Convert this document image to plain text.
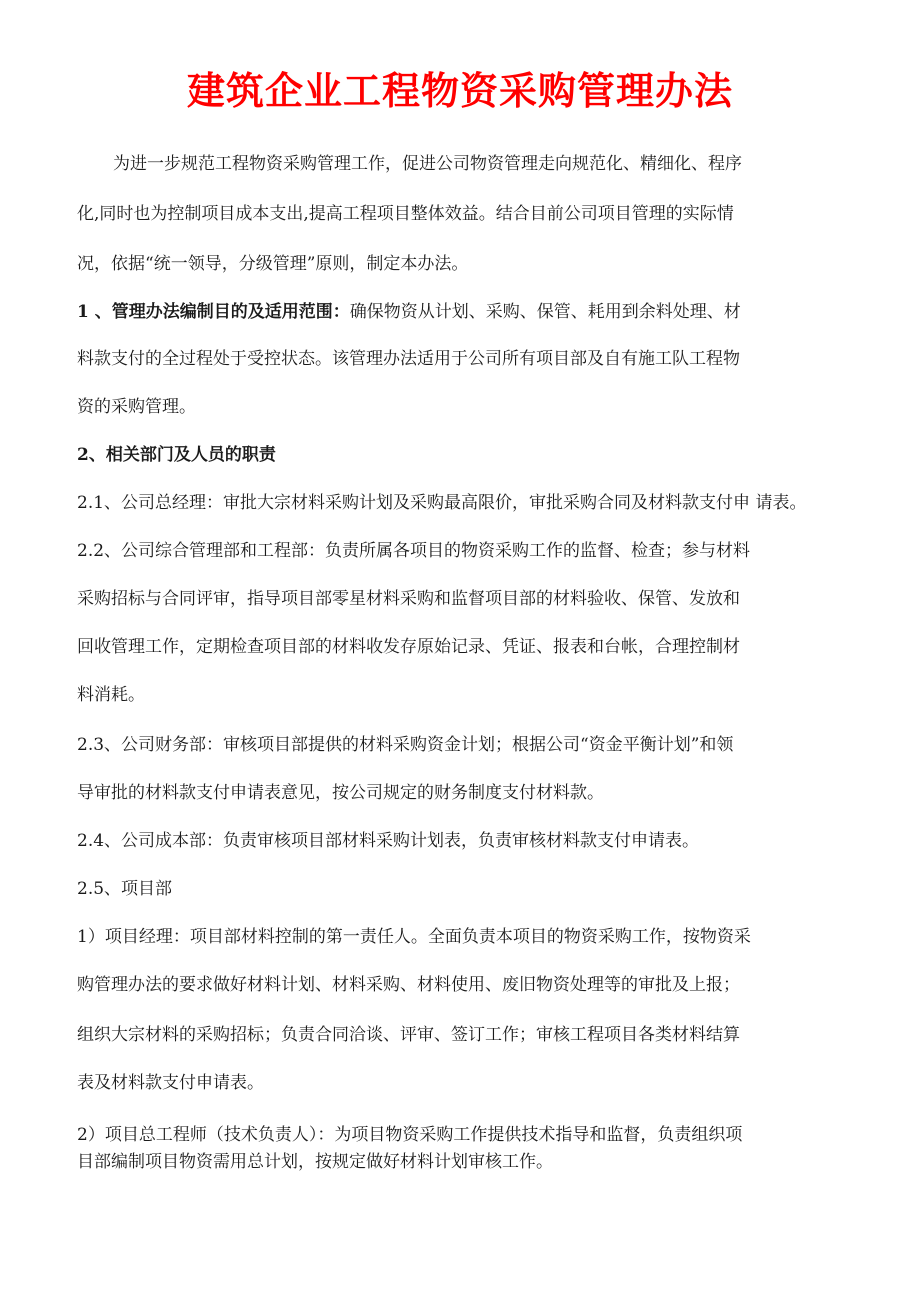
建筑企业工程物资采购管理办法

为进一步规范工程物资采购管理工作，促进公司物资管理走向规范化、精细化、程序

化,同时也为控制项目成本支出,提高工程项目整体效益。结合目前公司项目管理的实际情

况，依据“统一领导，分级管理”原则，制定本办法。

1 、管理办法编制目的及适用范围：确保物资从计划、采购、保管、耗用到余料处理、材

料款支付的全过程处于受控状态。该管理办法适用于公司所有项目部及自有施工队工程物

资的采购管理。

2、相关部门及人员的职责

2.1、公司总经理：审批大宗材料采购计划及采购最高限价，审批采购合同及材料款支付申 请表。

2.2、公司综合管理部和工程部：负责所属各项目的物资采购工作的监督、检查；参与材料

采购招标与合同评审，指导项目部零星材料采购和监督项目部的材料验收、保管、发放和

回收管理工作，定期检查项目部的材料收发存原始记录、凭证、报表和台帐，合理控制材

料消耗。

2.3、公司财务部：审核项目部提供的材料采购资金计划；根据公司“资金平衡计划”和领

导审批的材料款支付申请表意见，按公司规定的财务制度支付材料款。

2.4、公司成本部：负责审核项目部材料采购计划表，负责审核材料款支付申请表。

2.5、项目部

1）项目经理：项目部材料控制的第一责任人。全面负责本项目的物资采购工作，按物资采

购管理办法的要求做好材料计划、材料采购、材料使用、废旧物资处理等的审批及上报；

组织大宗材料的采购招标；负责合同洽谈、评审、签订工作；审核工程项目各类材料结算

表及材料款支付申请表。

2）项目总工程师（技术负责人）：为项目物资采购工作提供技术指导和监督，负责组织项

目部编制项目物资需用总计划，按规定做好材料计划审核工作。
